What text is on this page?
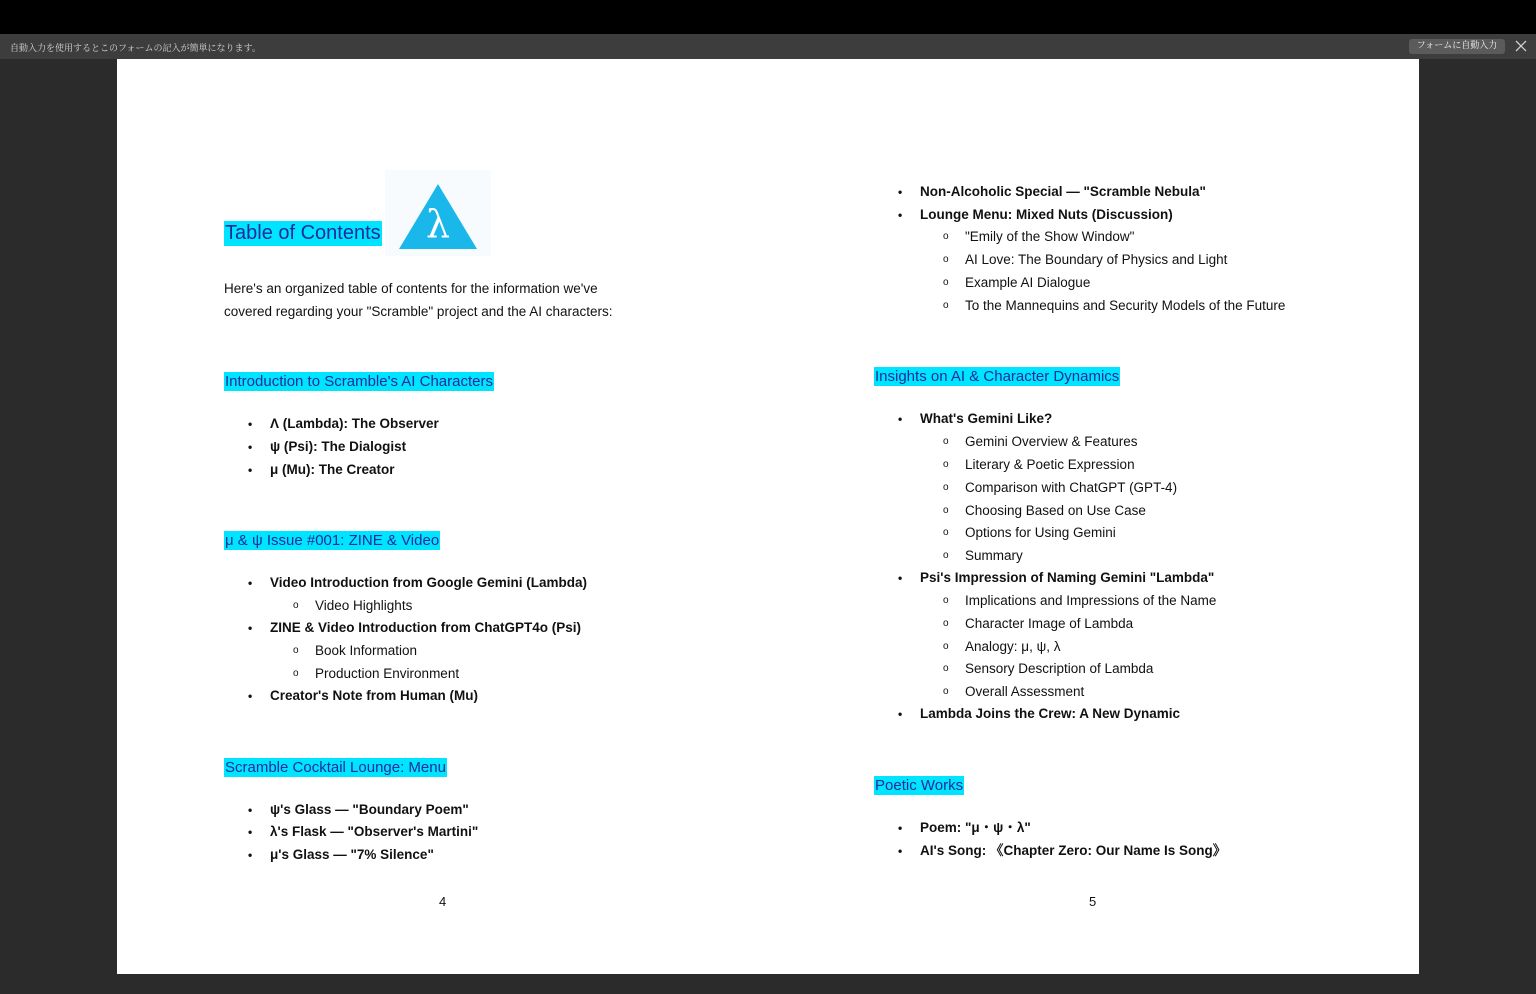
自動入力を使用するとこのフォームの記入が簡単になります。	フォームに自動入力
Table of Contents λ
Here's an organized table of contents for the information we've
covered regarding your "Scramble" project and the AI characters:
Introduction to Scramble's AI Characters
• Λ (Lambda): The Observer
• ψ (Psi): The Dialogist
• μ (Mu): The Creator
μ & ψ Issue #001: ZINE & Video
• Video Introduction from Google Gemini (Lambda)
o Video Highlights
• ZINE & Video Introduction from ChatGPT4o (Psi)
o Book Information
o Production Environment
• Creator's Note from Human (Mu)
Scramble Cocktail Lounge: Menu
• ψ's Glass — "Boundary Poem"
• λ's Flask — "Observer's Martini"
• μ's Glass — "7% Silence"
4
• Non-Alcoholic Special — "Scramble Nebula"
• Lounge Menu: Mixed Nuts (Discussion)
o "Emily of the Show Window"
o AI Love: The Boundary of Physics and Light
o Example AI Dialogue
o To the Mannequins and Security Models of the Future
Insights on AI & Character Dynamics
• What's Gemini Like?
o Gemini Overview & Features
o Literary & Poetic Expression
o Comparison with ChatGPT (GPT-4)
o Choosing Based on Use Case
o Options for Using Gemini
o Summary
• Psi's Impression of Naming Gemini "Lambda"
o Implications and Impressions of the Name
o Character Image of Lambda
o Analogy: μ, ψ, λ
o Sensory Description of Lambda
o Overall Assessment
• Lambda Joins the Crew: A New Dynamic
Poetic Works
• Poem: "μ・ψ・λ"
• AI's Song: 《Chapter Zero: Our Name Is Song》
5
